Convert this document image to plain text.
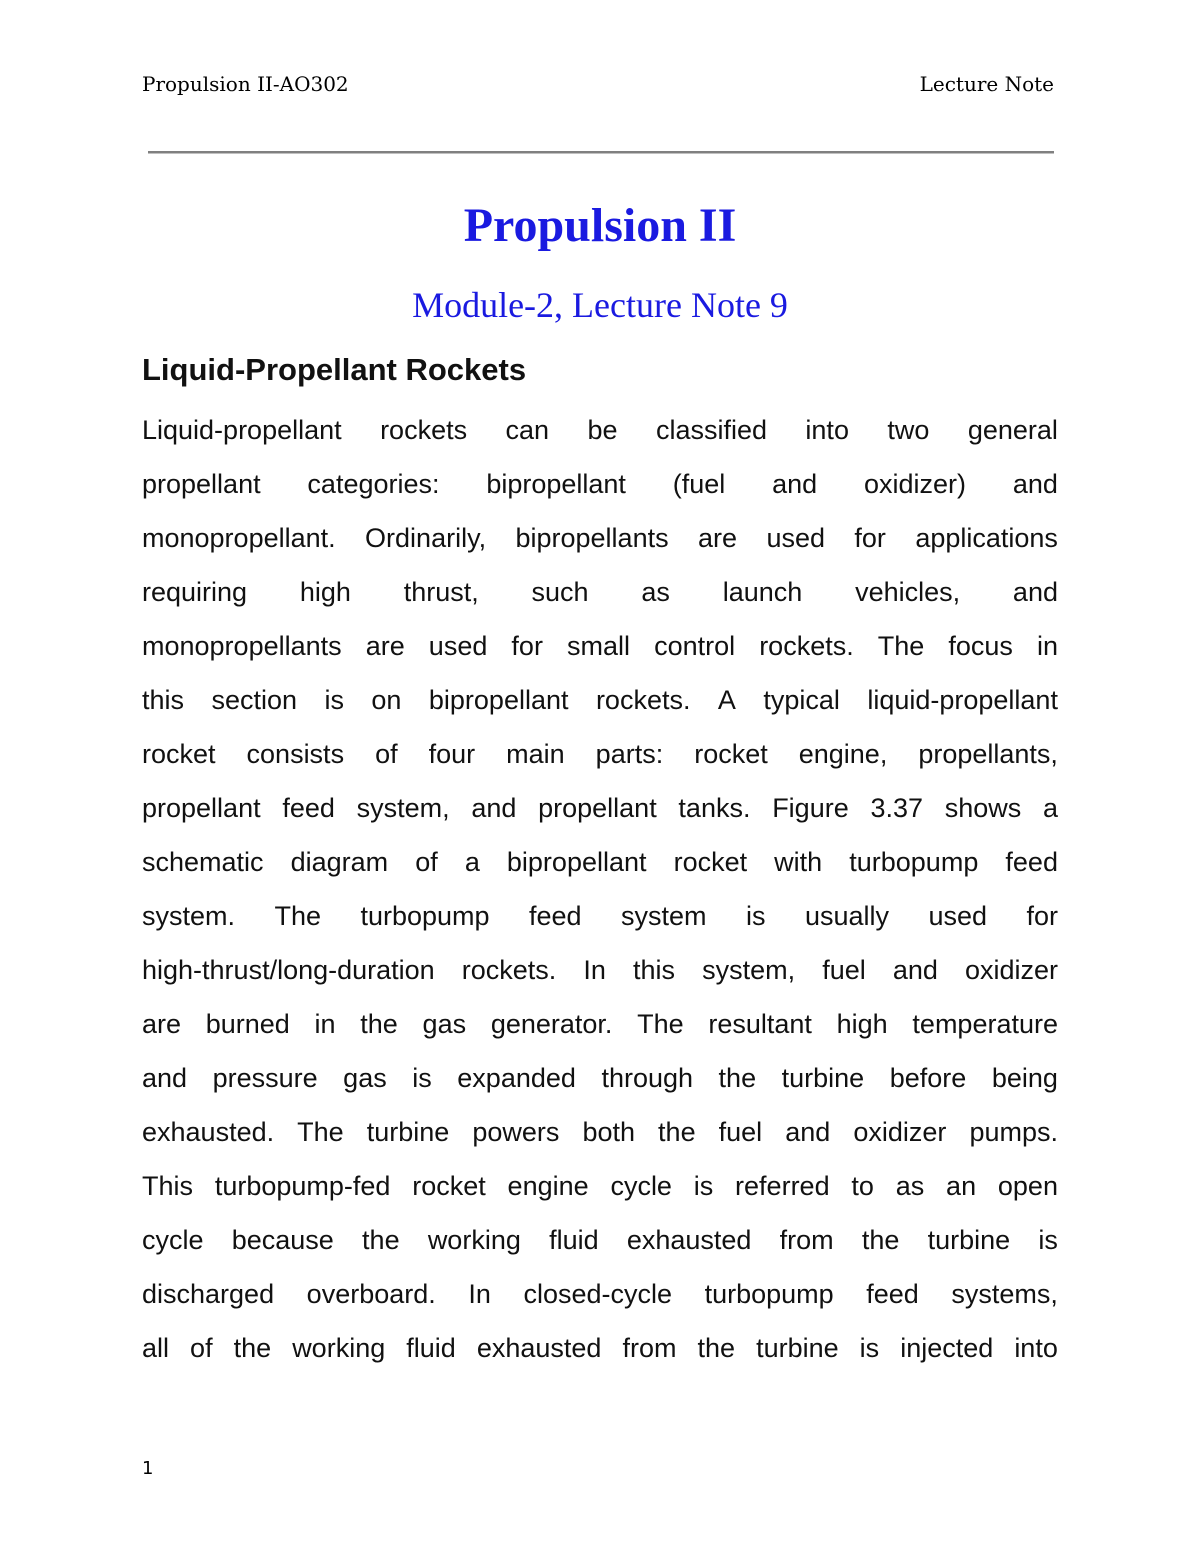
Propulsion II-AO302	Lecture Note
Propulsion II
Module-2, Lecture Note 9
Liquid-Propellant Rockets
Liquid-propellant rockets can be classified into two general
propellant categories: bipropellant (fuel and oxidizer) and
monopropellant. Ordinarily, bipropellants are used for applications
requiring high thrust, such as launch vehicles, and
monopropellants are used for small control rockets. The focus in
this section is on bipropellant rockets. A typical liquid-propellant
rocket consists of four main parts: rocket engine, propellants,
propellant feed system, and propellant tanks. Figure 3.37 shows a
schematic diagram of a bipropellant rocket with turbopump feed
system. The turbopump feed system is usually used for
high-thrust/long-duration rockets. In this system, fuel and oxidizer
are burned in the gas generator. The resultant high temperature
and pressure gas is expanded through the turbine before being
exhausted. The turbine powers both the fuel and oxidizer pumps.
This turbopump-fed rocket engine cycle is referred to as an open
cycle because the working fluid exhausted from the turbine is
discharged overboard. In closed-cycle turbopump feed systems,
all of the working fluid exhausted from the turbine is injected into
1
